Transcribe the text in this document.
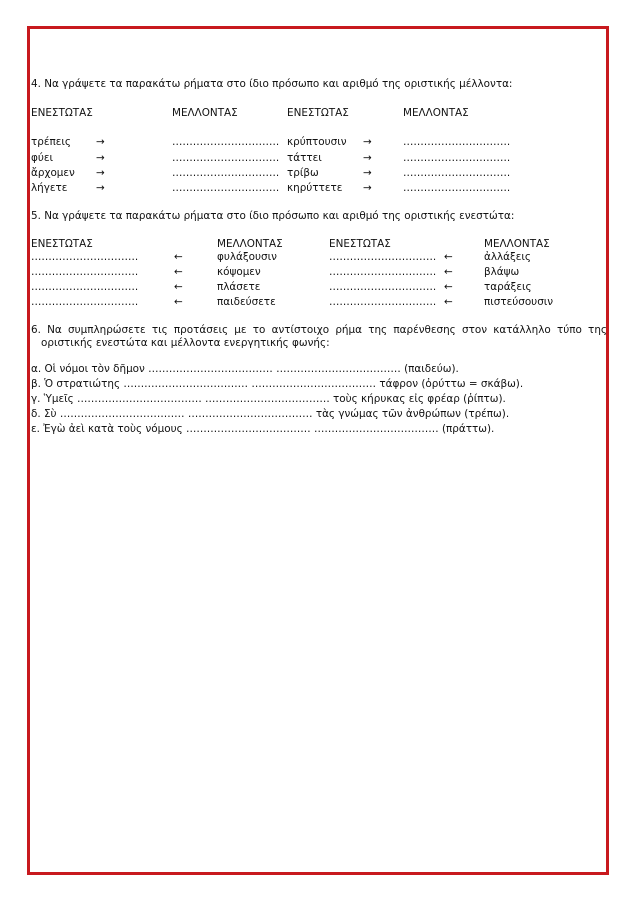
4. Να γράψετε τα παρακάτω ρήματα στο ίδιο πρόσωπο και αριθμό της οριστικής μέλλοντα:
ΕΝΕΣΤΩΤΑΣ	ΜΕΛΛΟΝΤΑΣ	ΕΝΕΣΤΩΤΑΣ	ΜΕΛΛΟΝΤΑΣ
τρέπεις →	…………………………. κρύπτουσιν →	………………………….
φύει	→	…………………………. τάττει	→	………………………….
ἄρχομεν →	…………………………. τρίβω	→	………………………….
λήγετε	→	…………………………. κηρύττετε →	………………………….
5. Να γράψετε τα παρακάτω ρήματα στο ίδιο πρόσωπο και αριθμό της οριστικής ενεστώτα:
ΕΝΕΣΤΩΤΑΣ	ΜΕΛΛΟΝΤΑΣ	ΕΝΕΣΤΩΤΑΣ	ΜΕΛΛΟΝΤΑΣ
………………………….	←	φυλάξουσιν	…………………………. ←	ἀλλάξεις
………………………….	←	κόψομεν	…………………………. ←	βλάψω
………………………….	←	πλάσετε	…………………………. ←	ταράξεις
………………………….	←	παιδεύσετε	…………………………. ←	πιστεύσουσιν
6. Να συμπληρώσετε τις προτάσεις με το αντίστοιχο ρήμα της παρένθεσης στον κατάλληλο τύπο της
οριστικής ενεστώτα και μέλλοντα ενεργητικής φωνής:
α. Οἱ νόμοι τὸν δῆμον ……………………………… ……………………………… (παιδεύω).
β. Ὁ στρατιώτης ……………………………… ……………………………… τάφρον (ὀρύττω = σκάβω).
γ. Ὑμεῖς ……………………………… ……………………………… τοὺς κήρυκας εἰς φρέαρ (ῥίπτω).
δ. Σὺ ……………………………… ……………………………… τὰς γνώμας τῶν ἀνθρώπων (τρέπω).
ε. Ἐγὼ ἀεὶ κατὰ τοὺς νόμους ……………………………… ……………………………… (πράττω).
